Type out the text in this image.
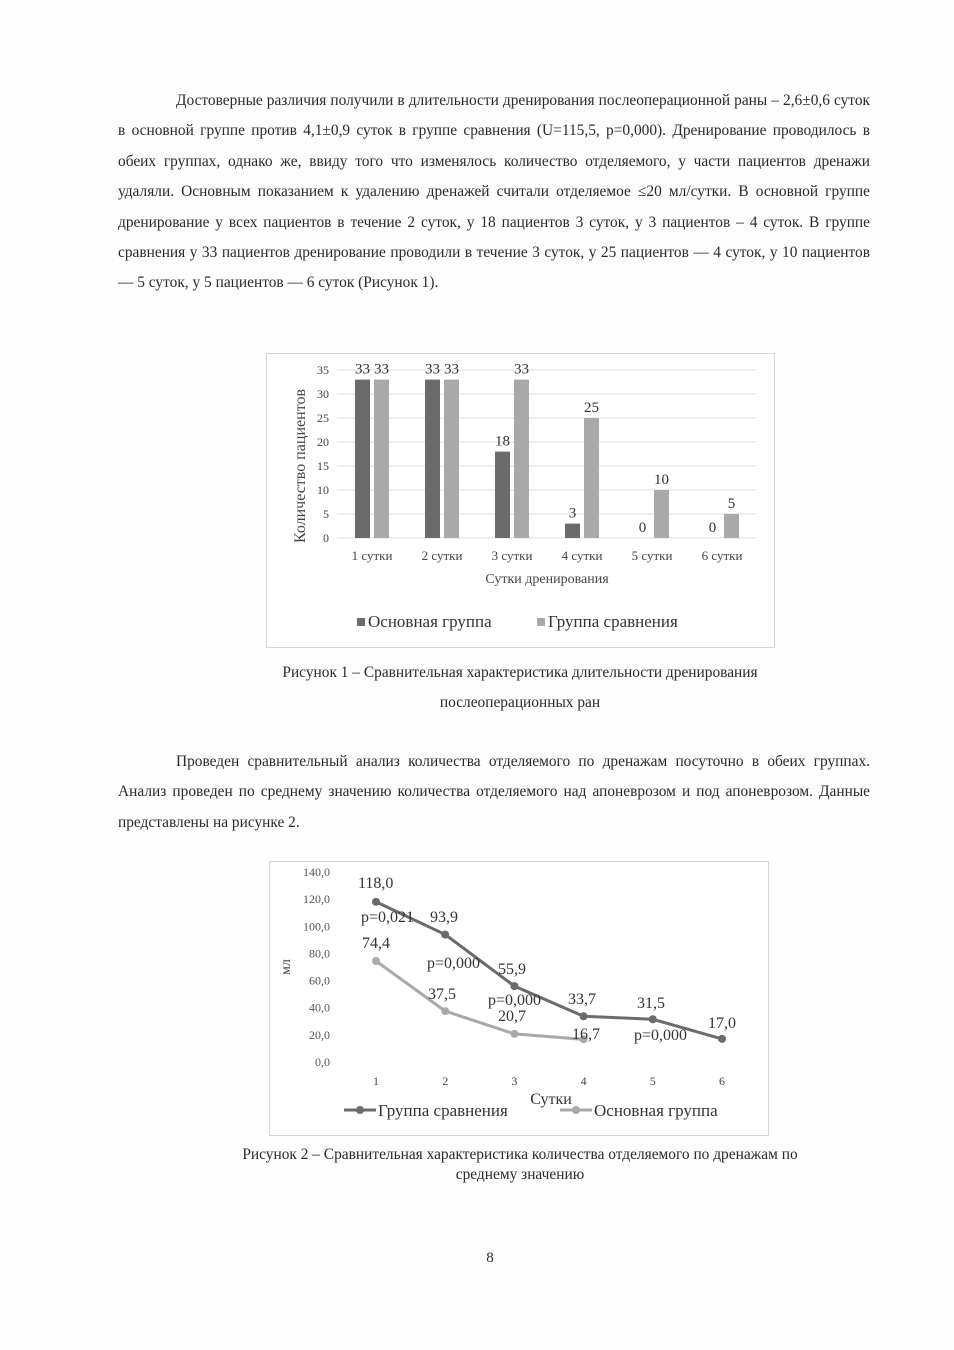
Достоверные различия получили в длительности дренирования послеоперационной раны – 2,6±0,6 суток в основной группе против 4,1±0,9 суток в группе сравнения (U=115,5, p=0,000). Дренирование проводилось в обеих группах, однако же, ввиду того что изменялось количество отделяемого, у части пациентов дренажи удаляли. Основным показанием к удалению дренажей считали отделяемое ≤20 мл/сутки. В основной группе дренирование у всех пациентов в течение 2 суток, у 18 пациентов 3 суток, у 3 пациентов – 4 суток. В группе сравнения у 33 пациентов дренирование проводили в течение 3 суток, у 25 пациентов — 4 суток, у 10 пациентов — 5 суток, у 5 пациентов — 6 суток (Рисунок 1).

0
5
10
15
20
25
30
35 33 33
1 сутки
33 33
2 сутки
18
33
3 сутки
3
25
4 сутки
0
10
5 сутки
0
5
6 сутки
Сутки дренирования
Количество пациентов
Основная группа	Группа сравнения
Рисунок 1 – Сравнительная характеристика длительности дренирования
послеоперационных ран

Проведен сравнительный анализ количества отделяемого по дренажам посуточно в обеих группах. Анализ проведен по среднему значению количества отделяемого над апоневрозом и под апоневрозом. Данные представлены на рисунке 2.

0,0
20,0
40,0
60,0
80,0
100,0
120,0
140,0
мл
1	2	3	4	5	6
Сутки
118,0
93,9
55,9
33,7	31,5
17,0
74,4
37,5
20,7
16,7
p=0,021
p=0,000
p=0,000
p=0,000
Группа сравнения	Основная группа
Рисунок 2 – Сравнительная характеристика количества отделяемого по дренажам по
среднему значению
8
